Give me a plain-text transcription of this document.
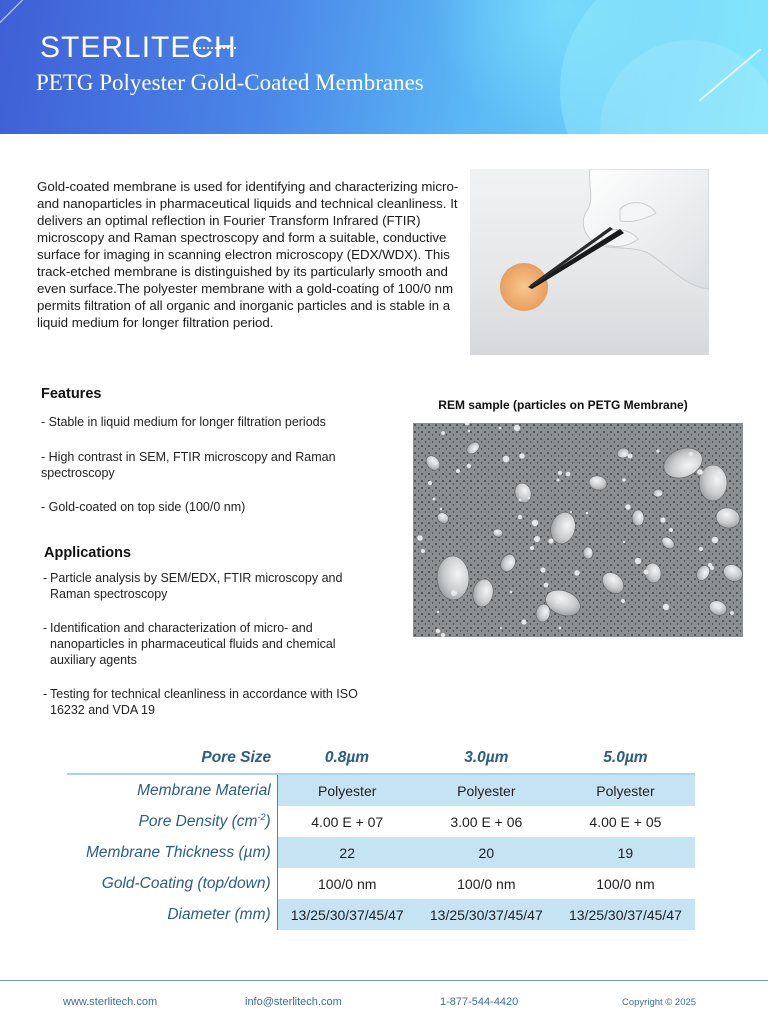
STERLITECH
PETG Polyester Gold-Coated Membranes
Gold-coated membrane is used for identifying and characterizing micro- and nanoparticles in pharmaceutical liquids and technical cleanliness. It delivers an optimal reflection in Fourier Transform Infrared (FTIR) microscopy and Raman spectroscopy and form a suitable, conductive surface for imaging in scanning electron microscopy (EDX/WDX). This track-etched membrane is distinguished by its particularly smooth and even surface.The polyester membrane with a gold-coating of 100/0 nm permits filtration of all organic and inorganic particles and is stable in a liquid medium for longer filtration period.
Features
- Stable in liquid medium for longer filtration periods
- High contrast in SEM, FTIR microscopy and Raman spectroscopy
- Gold-coated on top side (100/0 nm)
Applications
- Particle analysis by SEM/EDX, FTIR microscopy and Raman spectroscopy
- Identification and characterization of micro- and nanoparticles in pharmaceutical fluids and chemical auxiliary agents
- Testing for technical cleanliness in accordance with ISO 16232 and VDA 19
REM sample (particles on PETG Membrane)
Pore Size	0.8µm	3.0µm	5.0µm
Membrane Material	Polyester	Polyester	Polyester
Pore Density $(cm^{-2})$	4.00 E + 07	3.00 E + 06	4.00 E + 05
Membrane Thickness (µm)	22	20	19
Gold-Coating (top/down)	100/0 nm	100/0 nm	100/0 nm
Diameter (mm)	13/25/30/37/45/47	13/25/30/37/45/47	13/25/30/37/45/47
www.sterlitech.com	info@sterlitech.com	1-877-544-4420	Copyright © 2025
